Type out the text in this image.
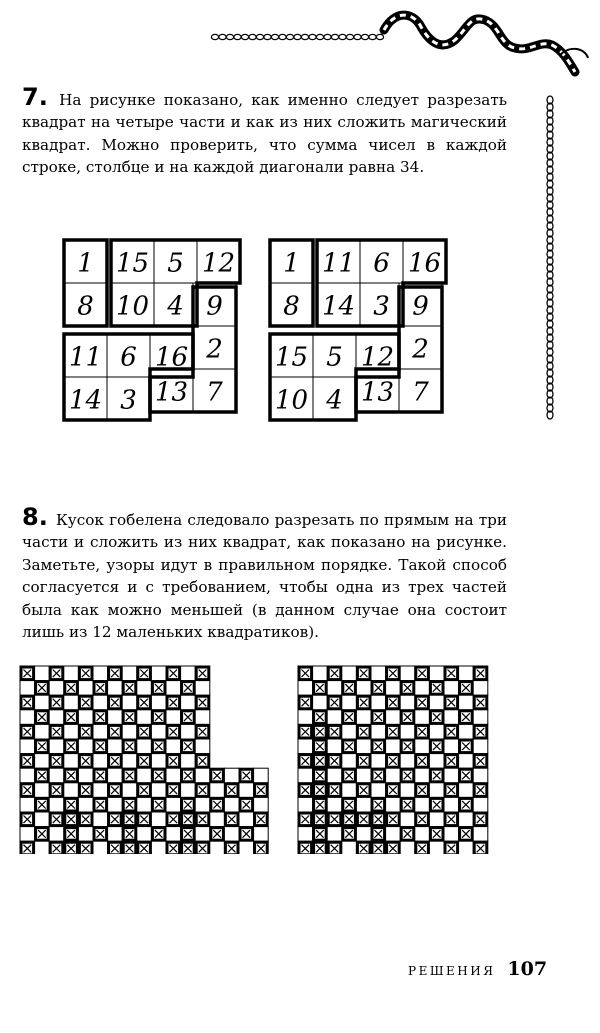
7. На рисунке показано, как именно следует разрезать квадрат на четыре части и как из них сложить магический квадрат. Можно проверить, что сумма чисел в каждой строке, столбце и на каждой диагонали равна 34.

1 15 5 12
8 10 4 9
11 6 16 2
14 3 13 7
1 11 6 16
8 14 3 9
15 5 12 2
10 4 13 7

8. Кусок гобелена следовало разрезать по прямым на три части и сложить из них квадрат, как показано на рисунке. Заметьте, узоры идут в правильном порядке. Такой способ согласуется и с требованием, чтобы одна из трех частей была как можно меньшей (в данном случае она состоит лишь из 12 маленьких квадратиков).

РЕШЕНИЯ 107
